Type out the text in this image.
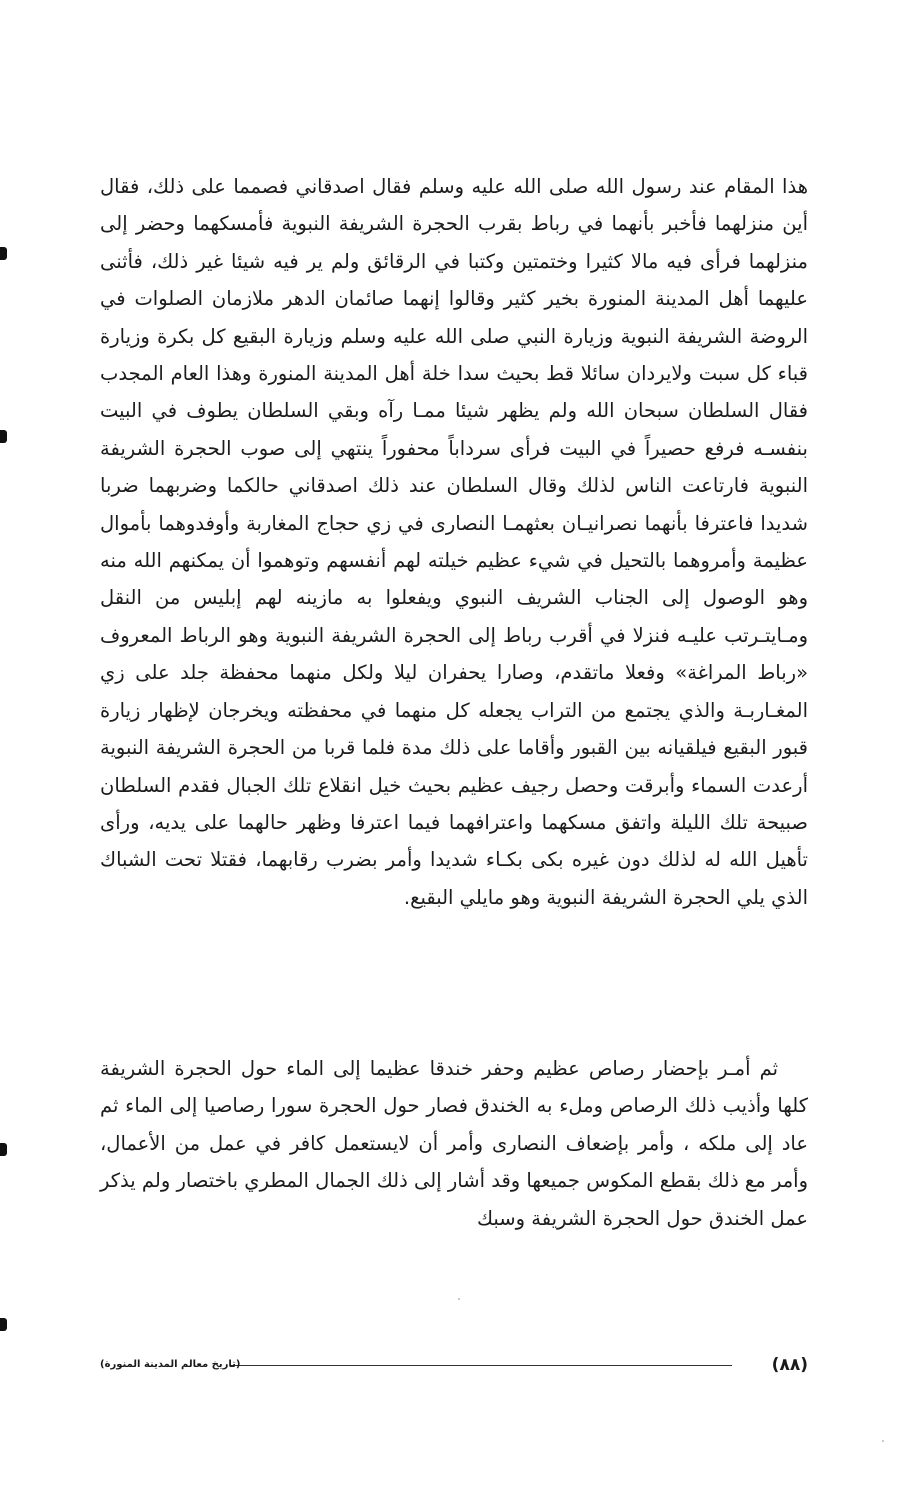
هذا المقام عند رسول الله صلى الله عليه وسلم فقال اصدقاني فصمما على ذلك، فقال أين منزلهما فأخبر بأنهما في رباط بقرب الحجرة الشريفة النبوية فأمسكهما وحضر إلى منزلهما فرأى فيه مالا كثيرا وختمتين وكتبا في الرقائق ولم ير فيه شيئا غير ذلك، فأثنى عليهما أهل المدينة المنورة بخير كثير وقالوا إنهما صائمان الدهر ملازمان الصلوات في الروضة الشريفة النبوية وزيارة النبي صلى الله عليه وسلم وزيارة البقيع كل بكرة وزيارة قباء كل سبت ولايردان سائلا قط بحيث سدا خلة أهل المدينة المنورة وهذا العام المجدب فقال السلطان سبحان الله ولم يظهر شيئا ممـا رآه وبقي السلطان يطوف في البيت بنفسـه فرفع حصيراً في البيت فرأى سرداباً محفوراً ينتهي إلى صوب الحجرة الشريفة النبوية فارتاعت الناس لذلك وقال السلطان عند ذلك اصدقاني حالكما وضربهما ضربا شديدا فاعترفا بأنهما نصرانيـان بعثهمـا النصارى في زي حجاج المغاربة وأوفدوهما بأموال عظيمة وأمروهما بالتحيل في شيء عظيم خيلته لهم أنفسهم وتوهموا أن يمكنهم الله منه وهو الوصول إلى الجناب الشريف النبوي ويفعلوا به مازينه لهم إبليس من النقل ومـايتـرتب عليـه فنزلا في أقرب رباط إلى الحجرة الشريفة النبوية وهو الرباط المعروف «رباط المراغة» وفعلا ماتقدم، وصارا يحفران ليلا ولكل منهما محفظة جلد على زي المغـاربـة والذي يجتمع من التراب يجعله كل منهما في محفظته ويخرجان لإظهار زيارة قبور البقيع فيلقيانه بين القبور وأقاما على ذلك مدة فلما قربا من الحجرة الشريفة النبوية أرعدت السماء وأبرقت وحصل رجيف عظيم بحيث خيل انقلاع تلك الجبال فقدم السلطان صبيحة تلك الليلة واتفق مسكهما واعترافهما فيما اعترفا وظهر حالهما على يديه، ورأى تأهيل الله له لذلك دون غيره بكى بكـاء شديدا وأمر بضرب رقابهما، فقتلا تحت الشباك الذي يلي الحجرة الشريفة النبوية وهو مايلي البقيع.

ثم أمـر بإحضار رصاص عظيم وحفر خندقا عظيما إلى الماء حول الحجرة الشريفة كلها وأذيب ذلك الرصاص وملء به الخندق فصار حول الحجرة سورا رصاصيا إلى الماء ثم عاد إلى ملكه ، وأمر بإضعاف النصارى وأمر أن لايستعمل كافر في عمل من الأعمال، وأمر مع ذلك بقطع المكوس جميعها وقد أشار إلى ذلك الجمال المطري باختصار ولم يذكر عمل الخندق حول الحجرة الشريفة وسبك

(٨٨)
(تاريخ معالم المدينة المنورة)
